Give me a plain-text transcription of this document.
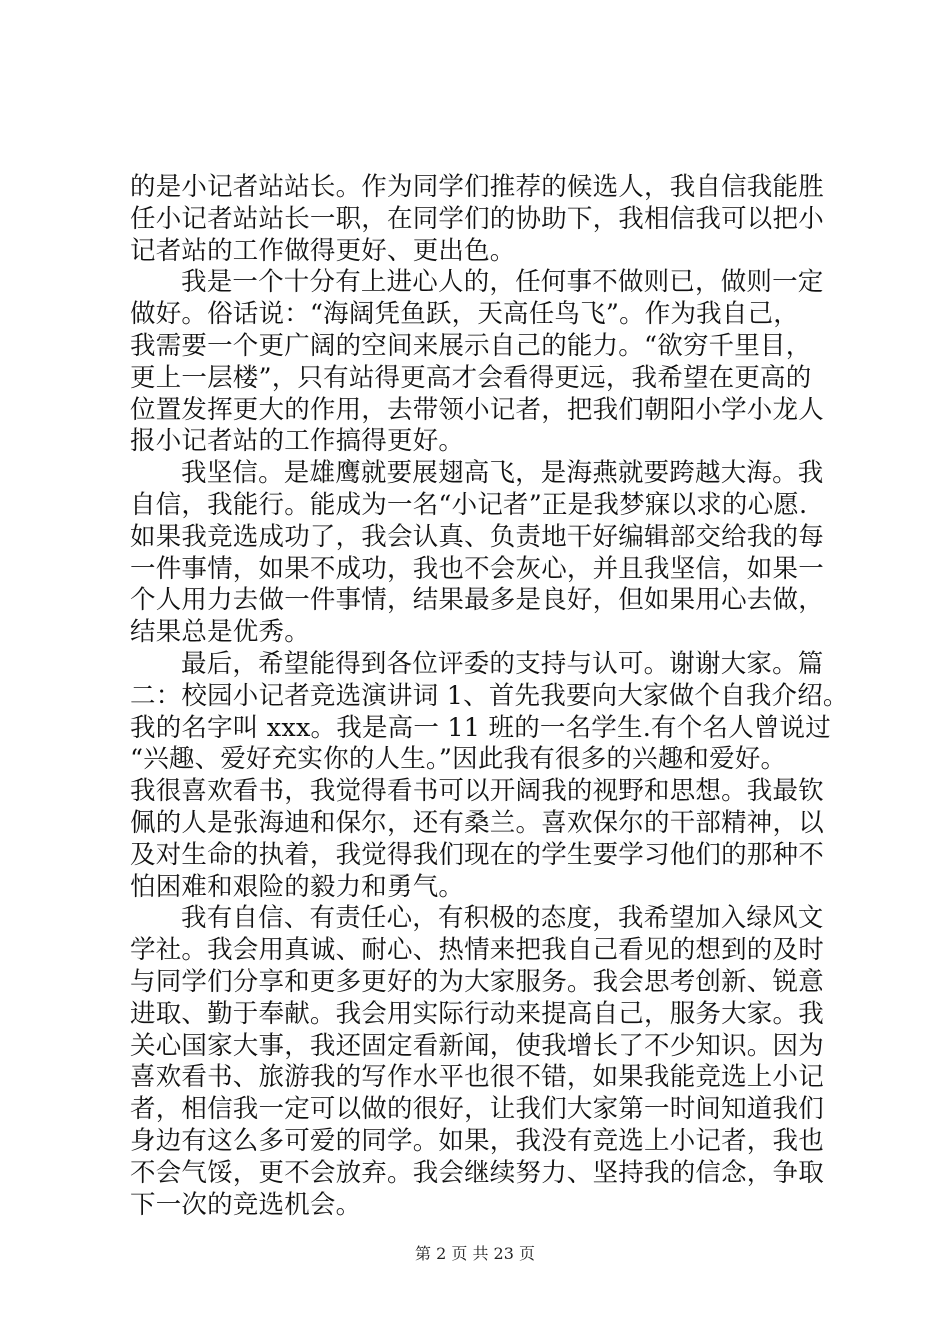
的是小记者站站长。作为同学们推荐的候选人，我自信我能胜
任小记者站站长一职，在同学们的协助下，我相信我可以把小
记者站的工作做得更好、更出色。
我是一个十分有上进心人的，任何事不做则已，做则一定
做好。俗话说：“海阔凭鱼跃，天高任鸟飞”。作为我自己，
我需要一个更广阔的空间来展示自己的能力。“欲穷千里目，
更上一层楼”，只有站得更高才会看得更远，我希望在更高的
位置发挥更大的作用，去带领小记者，把我们朝阳小学小龙人
报小记者站的工作搞得更好。
我坚信。是雄鹰就要展翅高飞，是海燕就要跨越大海。我
自信，我能行。能成为一名“小记者”正是我梦寐以求的心愿.
如果我竞选成功了，我会认真、负责地干好编辑部交给我的每
一件事情，如果不成功，我也不会灰心，并且我坚信，如果一
个人用力去做一件事情，结果最多是良好，但如果用心去做，
结果总是优秀。
最后，希望能得到各位评委的支持与认可。谢谢大家。篇
二：校园小记者竞选演讲词 1、首先我要向大家做个自我介绍。
我的名字叫 xxx。我是高一 11 班的一名学生.有个名人曾说过
“兴趣、爱好充实你的人生。”因此我有很多的兴趣和爱好。
我很喜欢看书，我觉得看书可以开阔我的视野和思想。我最钦
佩的人是张海迪和保尔，还有桑兰。喜欢保尔的干部精神，以
及对生命的执着，我觉得我们现在的学生要学习他们的那种不
怕困难和艰险的毅力和勇气。
我有自信、有责任心，有积极的态度，我希望加入绿风文
学社。我会用真诚、耐心、热情来把我自己看见的想到的及时
与同学们分享和更多更好的为大家服务。我会思考创新、锐意
进取、勤于奉献。我会用实际行动来提高自己，服务大家。我
关心国家大事，我还固定看新闻，使我增长了不少知识。因为
喜欢看书、旅游我的写作水平也很不错，如果我能竞选上小记
者，相信我一定可以做的很好，让我们大家第一时间知道我们
身边有这么多可爱的同学。如果，我没有竞选上小记者，我也
不会气馁，更不会放弃。我会继续努力、坚持我的信念，争取
下一次的竞选机会。
第 2 页 共 23 页
